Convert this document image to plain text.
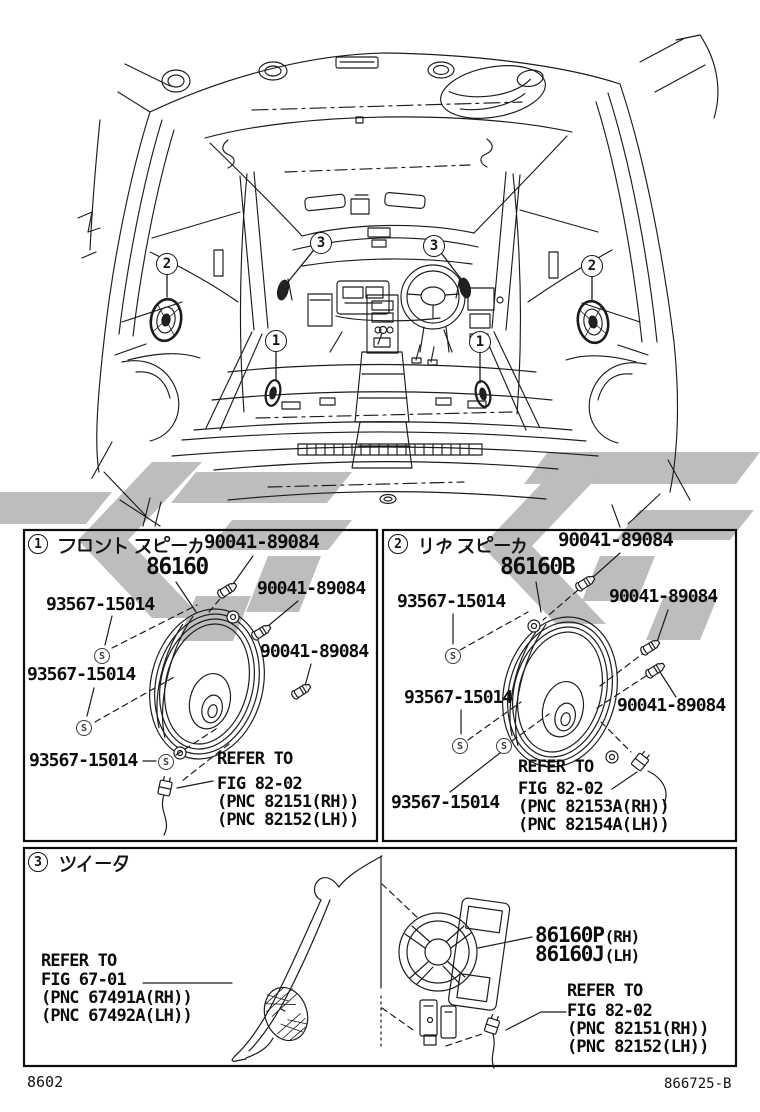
2	2
3	3
1	1
1	90041-89084
86160
90041-89084
93567-15014
90041-89084
93567-15014
93567-15014
S
S
S	REFER TO
FIG 82-02
(PNC 82151(RH))
(PNC 82152(LH))
2	90041-89084
86160B
93567-15014	90041-89084
93567-15014	90041-89084
93567-15014
S
S	S
REFER TO
FIG 82-02
(PNC 82153A(RH))
(PNC 82154A(LH))
3
REFER TO
FIG 67-01
(PNC 67491A(RH))
(PNC 67492A(LH))
86160P (RH)
86160J (LH)
REFER TO
FIG 82-02
(PNC 82151(RH))
(PNC 82152(LH))
8602	866725-B
